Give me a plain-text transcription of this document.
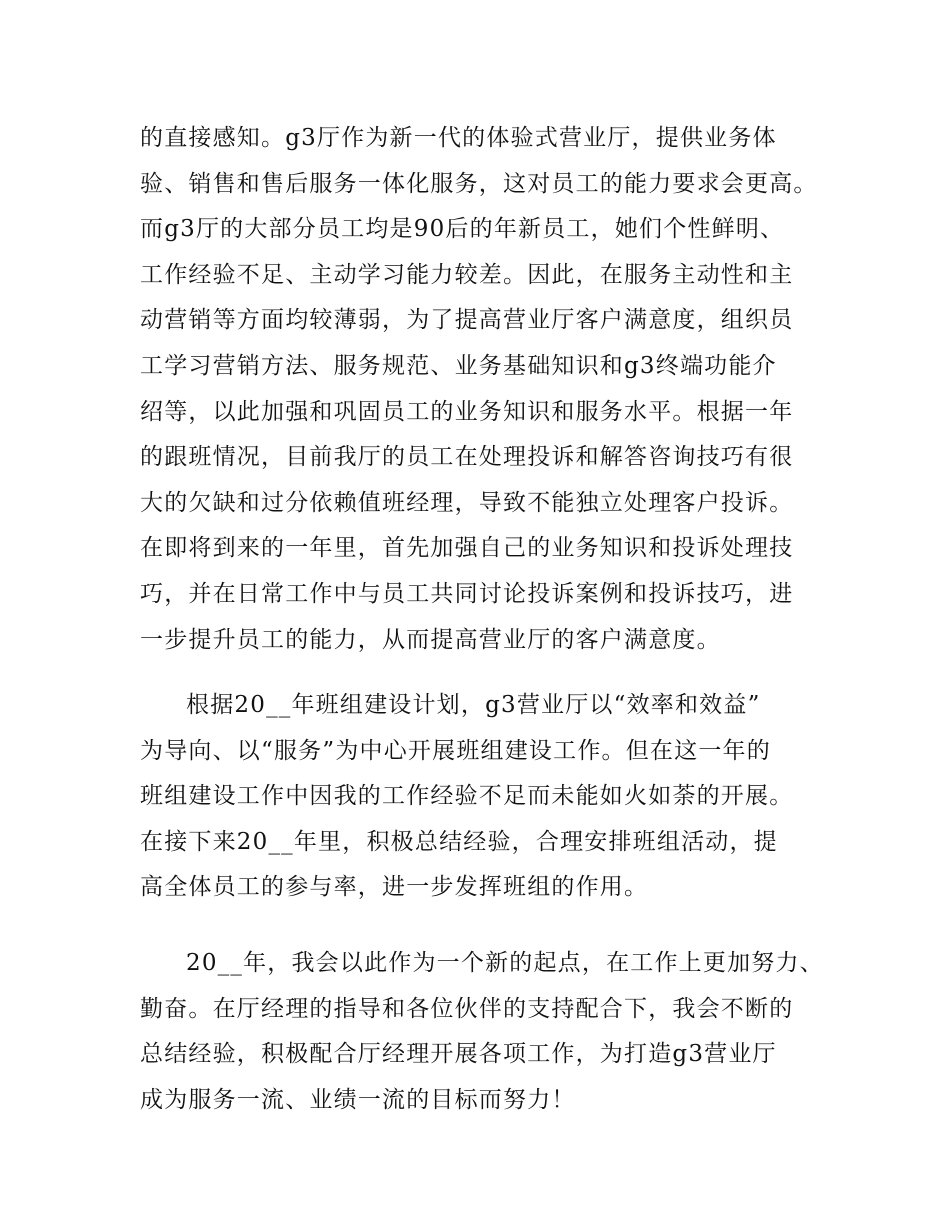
的直接感知。g3厅作为新一代的体验式营业厅，提供业务体
验、销售和售后服务一体化服务，这对员工的能力要求会更高。
而g3厅的大部分员工均是90后的年新员工，她们个性鲜明、
工作经验不足、主动学习能力较差。因此，在服务主动性和主
动营销等方面均较薄弱，为了提高营业厅客户满意度，组织员
工学习营销方法、服务规范、业务基础知识和g3终端功能介
绍等，以此加强和巩固员工的业务知识和服务水平。根据一年
的跟班情况，目前我厅的员工在处理投诉和解答咨询技巧有很
大的欠缺和过分依赖值班经理，导致不能独立处理客户投诉。
在即将到来的一年里，首先加强自己的业务知识和投诉处理技
巧，并在日常工作中与员工共同讨论投诉案例和投诉技巧，进
一步提升员工的能力，从而提高营业厅的客户满意度。
根据20__年班组建设计划，g3营业厅以“效率和效益”
为导向、以“服务”为中心开展班组建设工作。但在这一年的
班组建设工作中因我的工作经验不足而未能如火如荼的开展。
在接下来20__年里，积极总结经验，合理安排班组活动，提
高全体员工的参与率，进一步发挥班组的作用。
20__年，我会以此作为一个新的起点，在工作上更加努力、
勤奋。在厅经理的指导和各位伙伴的支持配合下，我会不断的
总结经验，积极配合厅经理开展各项工作，为打造g3营业厅
成为服务一流、业绩一流的目标而努力！
